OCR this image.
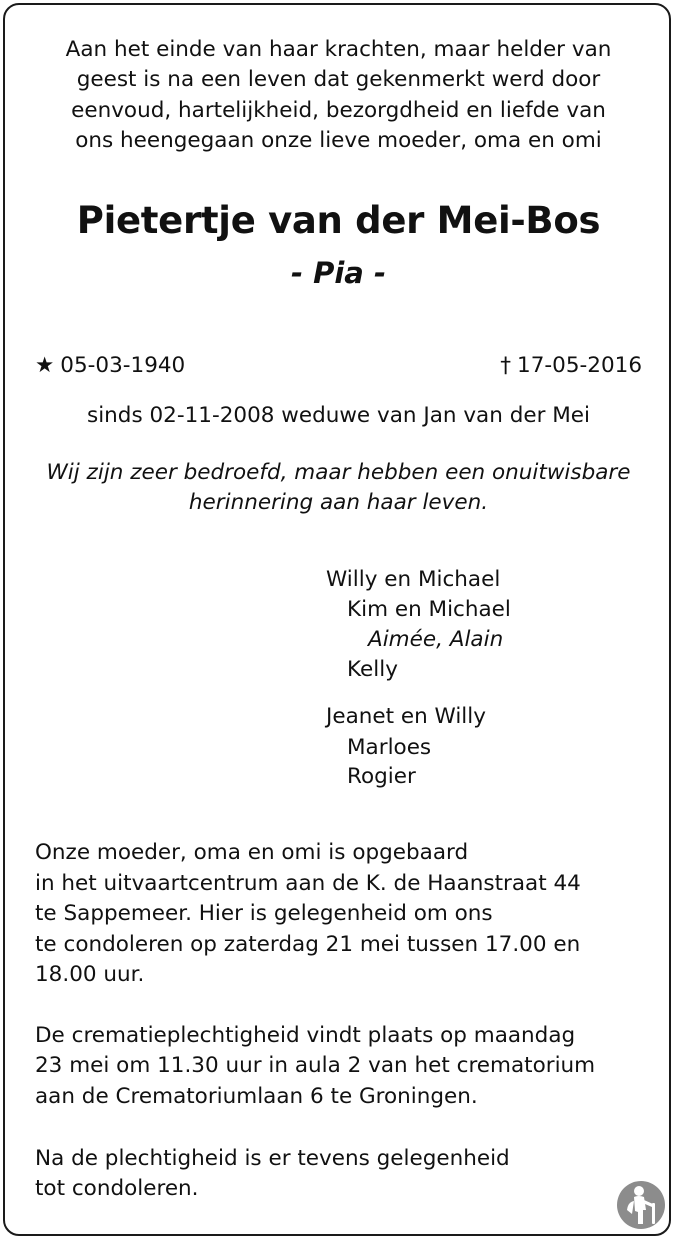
Aan het einde van haar krachten, maar helder van

geest is na een leven dat gekenmerkt werd door

eenvoud, hartelijkheid, bezorgdheid en liefde van

ons heengegaan onze lieve moeder, oma en omi

Pietertje van der Mei-Bos

- Pia -

★ 05-03-1940	† 17-05-2016

sinds 02-11-2008 weduwe van Jan van der Mei

Wij zijn zeer bedroefd, maar hebben een onuitwisbare

herinnering aan haar leven.

Willy en Michael

Kim en Michael

Aimée, Alain

Kelly

Jeanet en Willy

Marloes

Rogier

Onze moeder, oma en omi is opgebaard

in het uitvaartcentrum aan de K. de Haanstraat 44

te Sappemeer. Hier is gelegenheid om ons

te condoleren op zaterdag 21 mei tussen 17.00 en

18.00 uur.

De crematieplechtigheid vindt plaats op maandag

23 mei om 11.30 uur in aula 2 van het crematorium

aan de Crematoriumlaan 6 te Groningen.

Na de plechtigheid is er tevens gelegenheid

tot condoleren.
